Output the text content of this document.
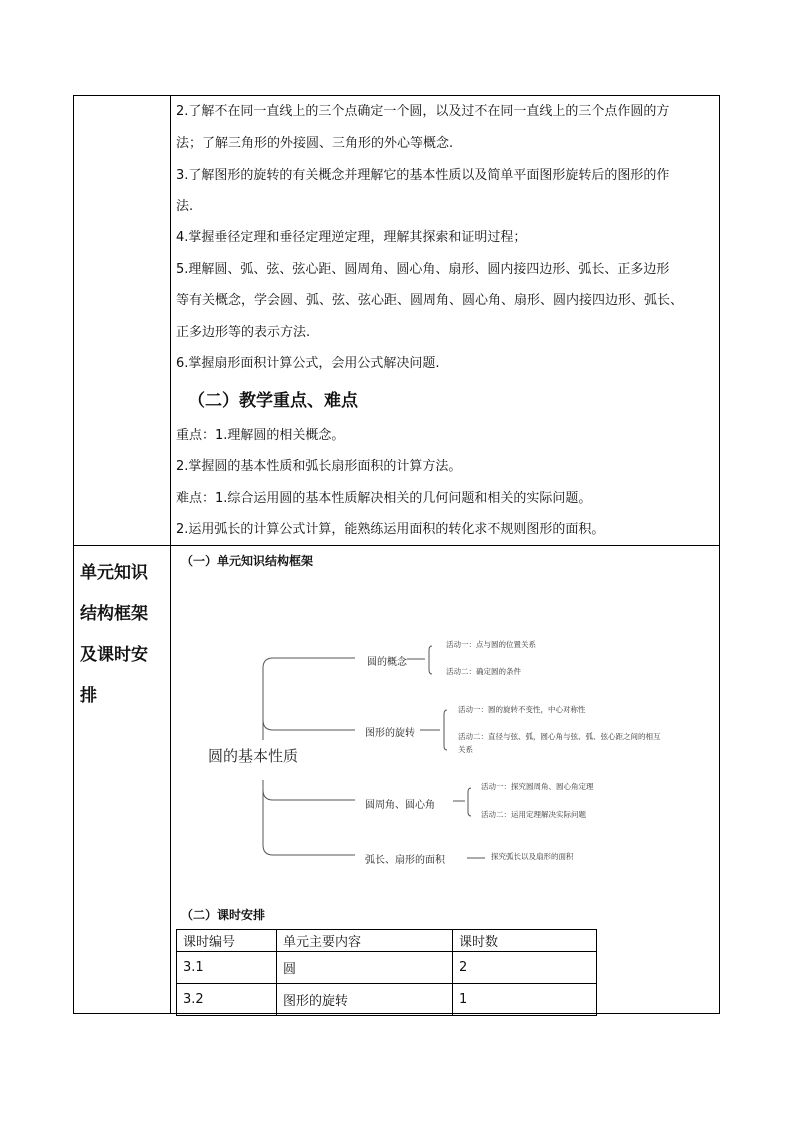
2.了解不在同一直线上的三个点确定一个圆，以及过不在同一直线上的三个点作圆的方
法；了解三角形的外接圆、三角形的外心等概念.
3.了解图形的旋转的有关概念并理解它的基本性质以及简单平面图形旋转后的图形的作
法.
4.掌握垂径定理和垂径定理逆定理，理解其探索和证明过程；
5.理解圆、弧、弦、弦心距、圆周角、圆心角、扇形、圆内接四边形、弧长、正多边形
等有关概念，学会圆、弧、弦、弦心距、圆周角、圆心角、扇形、圆内接四边形、弧长、
正多边形等的表示方法.
6.掌握扇形面积计算公式，会用公式解决问题.
（二）教学重点、难点
重点：1.理解圆的相关概念。
2.掌握圆的基本性质和弧长扇形面积的计算方法。
难点：1.综合运用圆的基本性质解决相关的几何问题和相关的实际问题。
2.运用弧长的计算公式计算，能熟练运用面积的转化求不规则图形的面积。
单元知识
结构框架
及课时安
排
（一）单元知识结构框架
圆的基本性质
圆的概念
活动一：点与圆的位置关系
活动二：确定圆的条件
图形的旋转
活动一：圆的旋转不变性，中心对称性
活动二：直径与弦、弧，圆心角与弦、弧、弦心距之间的相互
关系
圆周角、圆心角
活动一：探究圆周角、圆心角定理
活动二：运用定理解决实际问题
弧长、扇形的面积	探究弧长以及扇形的面积
（二）课时安排
课时编号	单元主要内容	课时数
3.1	圆	2
3.2	图形的旋转	1
